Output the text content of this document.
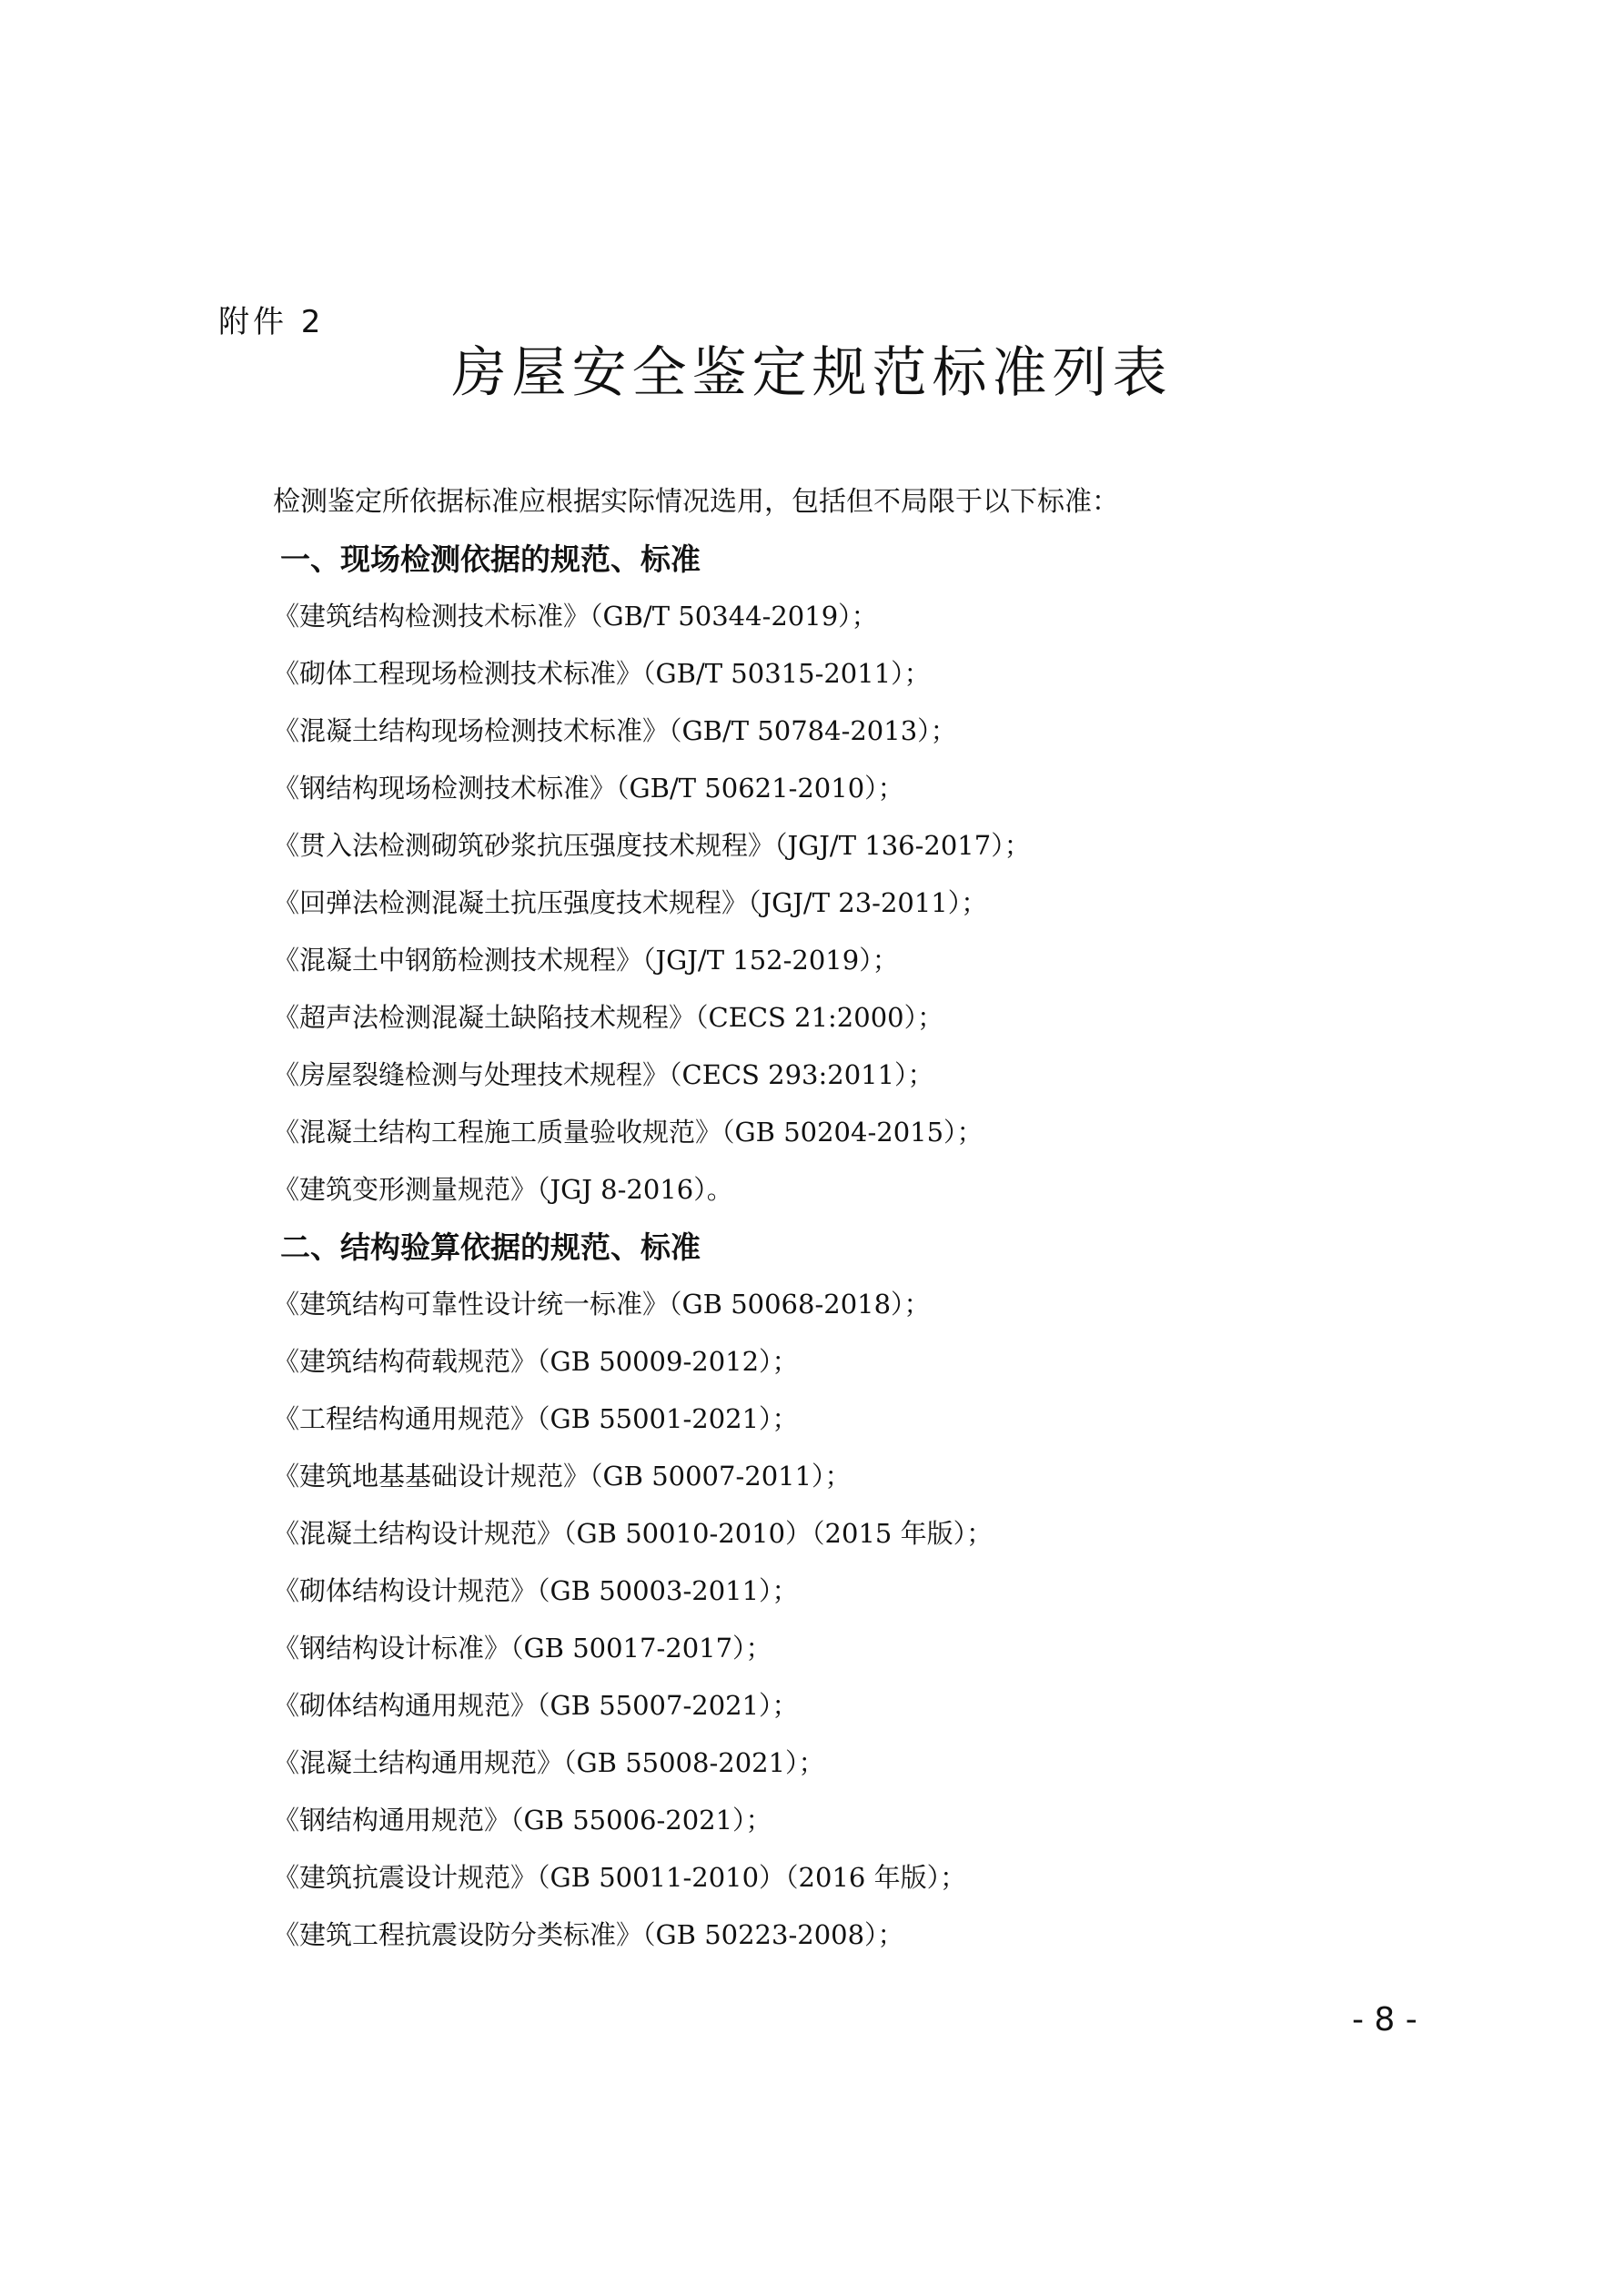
附件 2
房屋安全鉴定规范标准列表
检测鉴定所依据标准应根据实际情况选用，包括但不局限于以下标准：
一、现场检测依据的规范、标准
《建筑结构检测技术标准》（GB/T 50344-2019）；
《砌体工程现场检测技术标准》（GB/T 50315-2011）；
《混凝土结构现场检测技术标准》（GB/T 50784-2013）；
《钢结构现场检测技术标准》（GB/T 50621-2010）；
《贯入法检测砌筑砂浆抗压强度技术规程》（JGJ/T 136-2017）；
《回弹法检测混凝土抗压强度技术规程》（JGJ/T 23-2011）；
《混凝土中钢筋检测技术规程》（JGJ/T 152-2019）；
《超声法检测混凝土缺陷技术规程》（CECS 21:2000）；
《房屋裂缝检测与处理技术规程》（CECS 293:2011）；
《混凝土结构工程施工质量验收规范》（GB 50204-2015）；
《建筑变形测量规范》（JGJ 8-2016）。
二、结构验算依据的规范、标准
《建筑结构可靠性设计统一标准》（GB 50068-2018）；
《建筑结构荷载规范》（GB 50009-2012）；
《工程结构通用规范》（GB 55001-2021）；
《建筑地基基础设计规范》（GB 50007-2011）；
《混凝土结构设计规范》（GB 50010-2010）（2015 年版）；
《砌体结构设计规范》（GB 50003-2011）；
《钢结构设计标准》（GB 50017-2017）；
《砌体结构通用规范》（GB 55007-2021）；
《混凝土结构通用规范》（GB 55008-2021）；
《钢结构通用规范》（GB 55006-2021）；
《建筑抗震设计规范》（GB 50011-2010）（2016 年版）；
《建筑工程抗震设防分类标准》（GB 50223-2008）；
- 8 -
